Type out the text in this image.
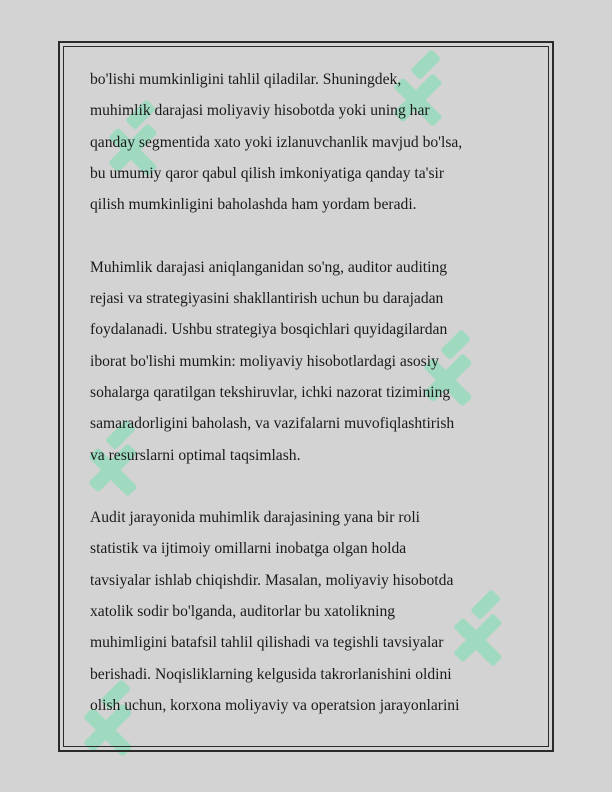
bo'lishi mumkinligini tahlil qiladilar. Shuningdek,
muhimlik darajasi moliyaviy hisobotda yoki uning har
qanday segmentida xato yoki izlanuvchanlik mavjud bo'lsa,
bu umumiy qaror qabul qilish imkoniyatiga qanday ta'sir
qilish mumkinligini baholashda ham yordam beradi.

Muhimlik darajasi aniqlanganidan so'ng, auditor auditing
rejasi va strategiyasini shakllantirish uchun bu darajadan
foydalanadi. Ushbu strategiya bosqichlari quyidagilardan
iborat bo'lishi mumkin: moliyaviy hisobotlardagi asosiy
sohalarga qaratilgan tekshiruvlar, ichki nazorat tizimining
samaradorligini baholash, va vazifalarni muvofiqlashtirish
va resurslarni optimal taqsimlash.

Audit jarayonida muhimlik darajasining yana bir roli
statistik va ijtimoiy omillarni inobatga olgan holda
tavsiyalar ishlab chiqishdir. Masalan, moliyaviy hisobotda
xatolik sodir bo'lganda, auditorlar bu xatolikning
muhimligini batafsil tahlil qilishadi va tegishli tavsiyalar
berishadi. Noqisliklarning kelgusida takrorlanishini oldini
olish uchun, korxona moliyaviy va operatsion jarayonlarini
